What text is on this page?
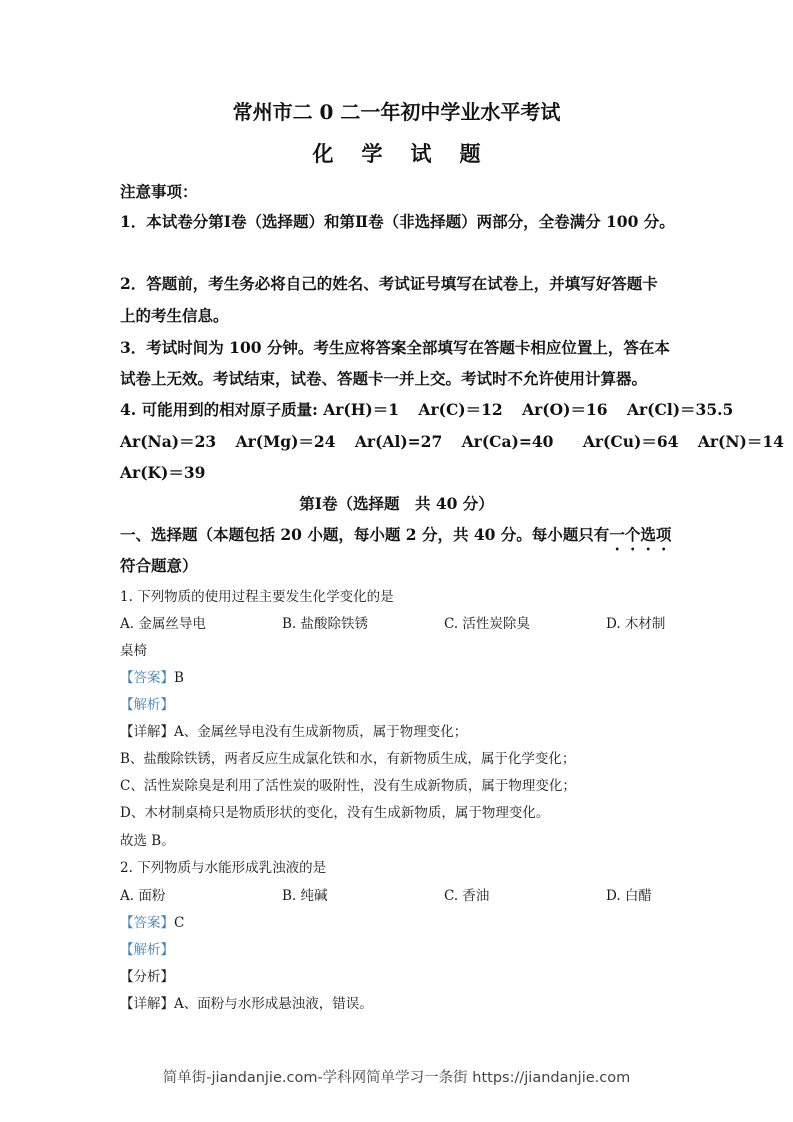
常州市二 0 二一年初中学业水平考试
化学试题
注意事项：
1．本试卷分第Ⅰ卷（选择题）和第Ⅱ卷（非选择题）两部分，全卷满分 100 分。
2．答题前，考生务必将自己的姓名、考试证号填写在试卷上，并填写好答题卡
上的考生信息。
3．考试时间为 100 分钟。考生应将答案全部填写在答题卡相应位置上，答在本
试卷上无效。考试结束，试卷、答题卡一并上交。考试时不允许使用计算器。
4. 可能用到的相对原子质量: Ar(H)＝1 Ar(C)＝12 Ar(O)＝16 Ar(Cl)＝35.5
Ar(Na)＝23 Ar(Mg)＝24 Ar(Al)=27 Ar(Ca)=40 Ar(Cu)＝64 Ar(N)＝14
Ar(K)＝39
第Ⅰ卷（选择题　共 40 分）
一、选择题（本题包括 20 小题，每小题 2 分，共 40 分。每小题只有一个选项
符合题意）
1. 下列物质的使用过程主要发生化学变化的是
A. 金属丝导电	B. 盐酸除铁锈	C. 活性炭除臭	D. 木材制
桌椅
【答案】B
【解析】
【详解】A、金属丝导电没有生成新物质，属于物理变化；
B、盐酸除铁锈，两者反应生成氯化铁和水，有新物质生成，属于化学变化；
C、活性炭除臭是利用了活性炭的吸附性，没有生成新物质，属于物理变化；
D、木材制桌椅只是物质形状的变化，没有生成新物质，属于物理变化。
故选 B。
2. 下列物质与水能形成乳浊液的是
A. 面粉	B. 纯碱	C. 香油	D. 白醋
【答案】C
【解析】
【分析】
【详解】A、面粉与水形成悬浊液，错误。
简单街-jiandanjie.com-学科网简单学习一条街 https://jiandanjie.com
